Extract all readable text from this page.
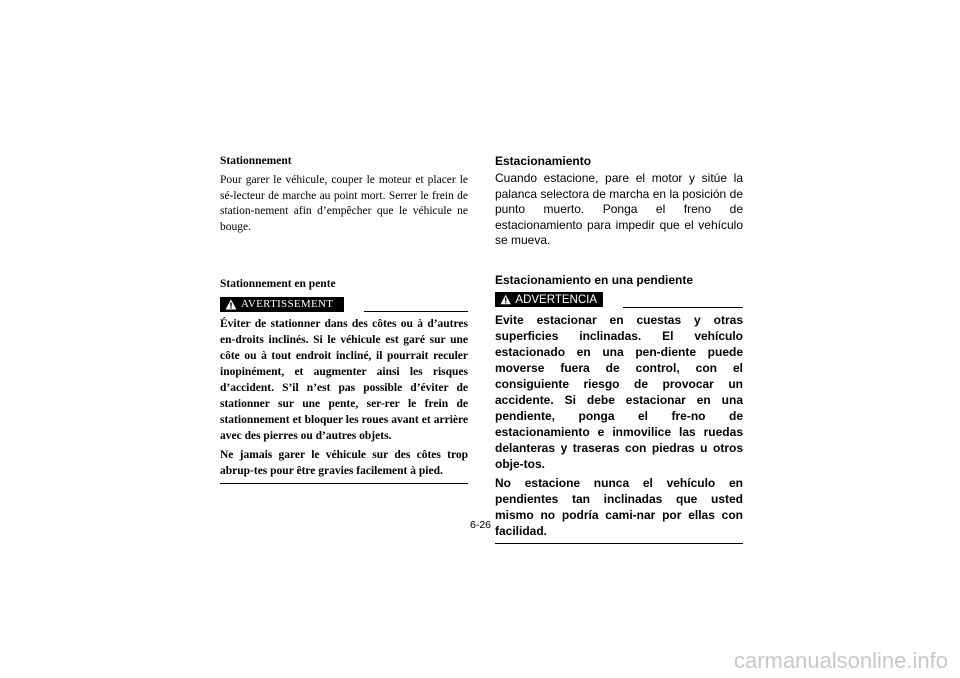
Stationnement

Pour garer le véhicule, couper le moteur et placer le sé-lecteur de marche au point mort. Serrer le frein de station-nement afin d’empêcher que le véhicule ne bouge.

Stationnement en pente

AVERTISSEMENT

Éviter de stationner dans des côtes ou à d’autres en-droits inclinés. Si le véhicule est garé sur une côte ou à tout endroit incliné, il pourrait reculer inopinément, et augmenter ainsi les risques d’accident. S’il n’est pas possible d’éviter de stationner sur une pente, ser-rer le frein de stationnement et bloquer les roues avant et arrière avec des pierres ou d’autres objets.

Ne jamais garer le véhicule sur des côtes trop abrup-tes pour être gravies facilement à pied.

Estacionamiento

Cuando estacione, pare el motor y sitúe la palanca selectora de marcha en la posición de punto muerto. Ponga el freno de estacionamiento para impedir que el vehículo se mueva.

Estacionamiento en una pendiente

ADVERTENCIA

Evite estacionar en cuestas y otras superficies inclinadas. El vehículo estacionado en una pen-diente puede moverse fuera de control, con el consiguiente riesgo de provocar un accidente. Si debe estacionar en una pendiente, ponga el fre-no de estacionamiento e inmovilice las ruedas delanteras y traseras con piedras u otros obje-tos.

No estacione nunca el vehículo en pendientes tan inclinadas que usted mismo no podría cami-nar por ellas con facilidad.

6-26
carmanualsonline.info
